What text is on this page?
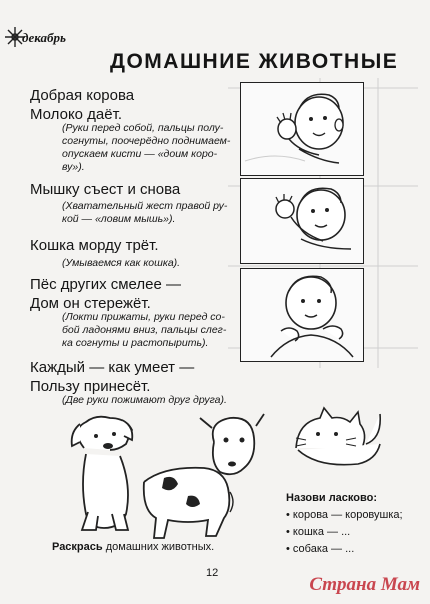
декабрь
ДОМАШНИЕ ЖИВОТНЫЕ
Добрая корова
Молоко даёт.
(Руки перед собой, пальцы полу-
согнуты, поочерёдно поднимаем-
опускаем кисти — «доим коро-
ву»).
Мышку съест и снова
(Хватательный жест правой ру-
кой — «ловим мышь»).
Кошка морду трёт.
(Умываемся как кошка).
Пёс других смелее —
Дом он стережёт.
(Локти прижаты, руки перед со-
бой ладонями вниз, пальцы слег-
ка согнуты и растопырить).
Каждый — как умеет —
Пользу принесёт.
(Две руки пожимают друг друга).
Назови ласково:
• корова — коровушка;
• кошка — ...
• собака — ...
Раскрась домашних животных.
12
Страна Мам
